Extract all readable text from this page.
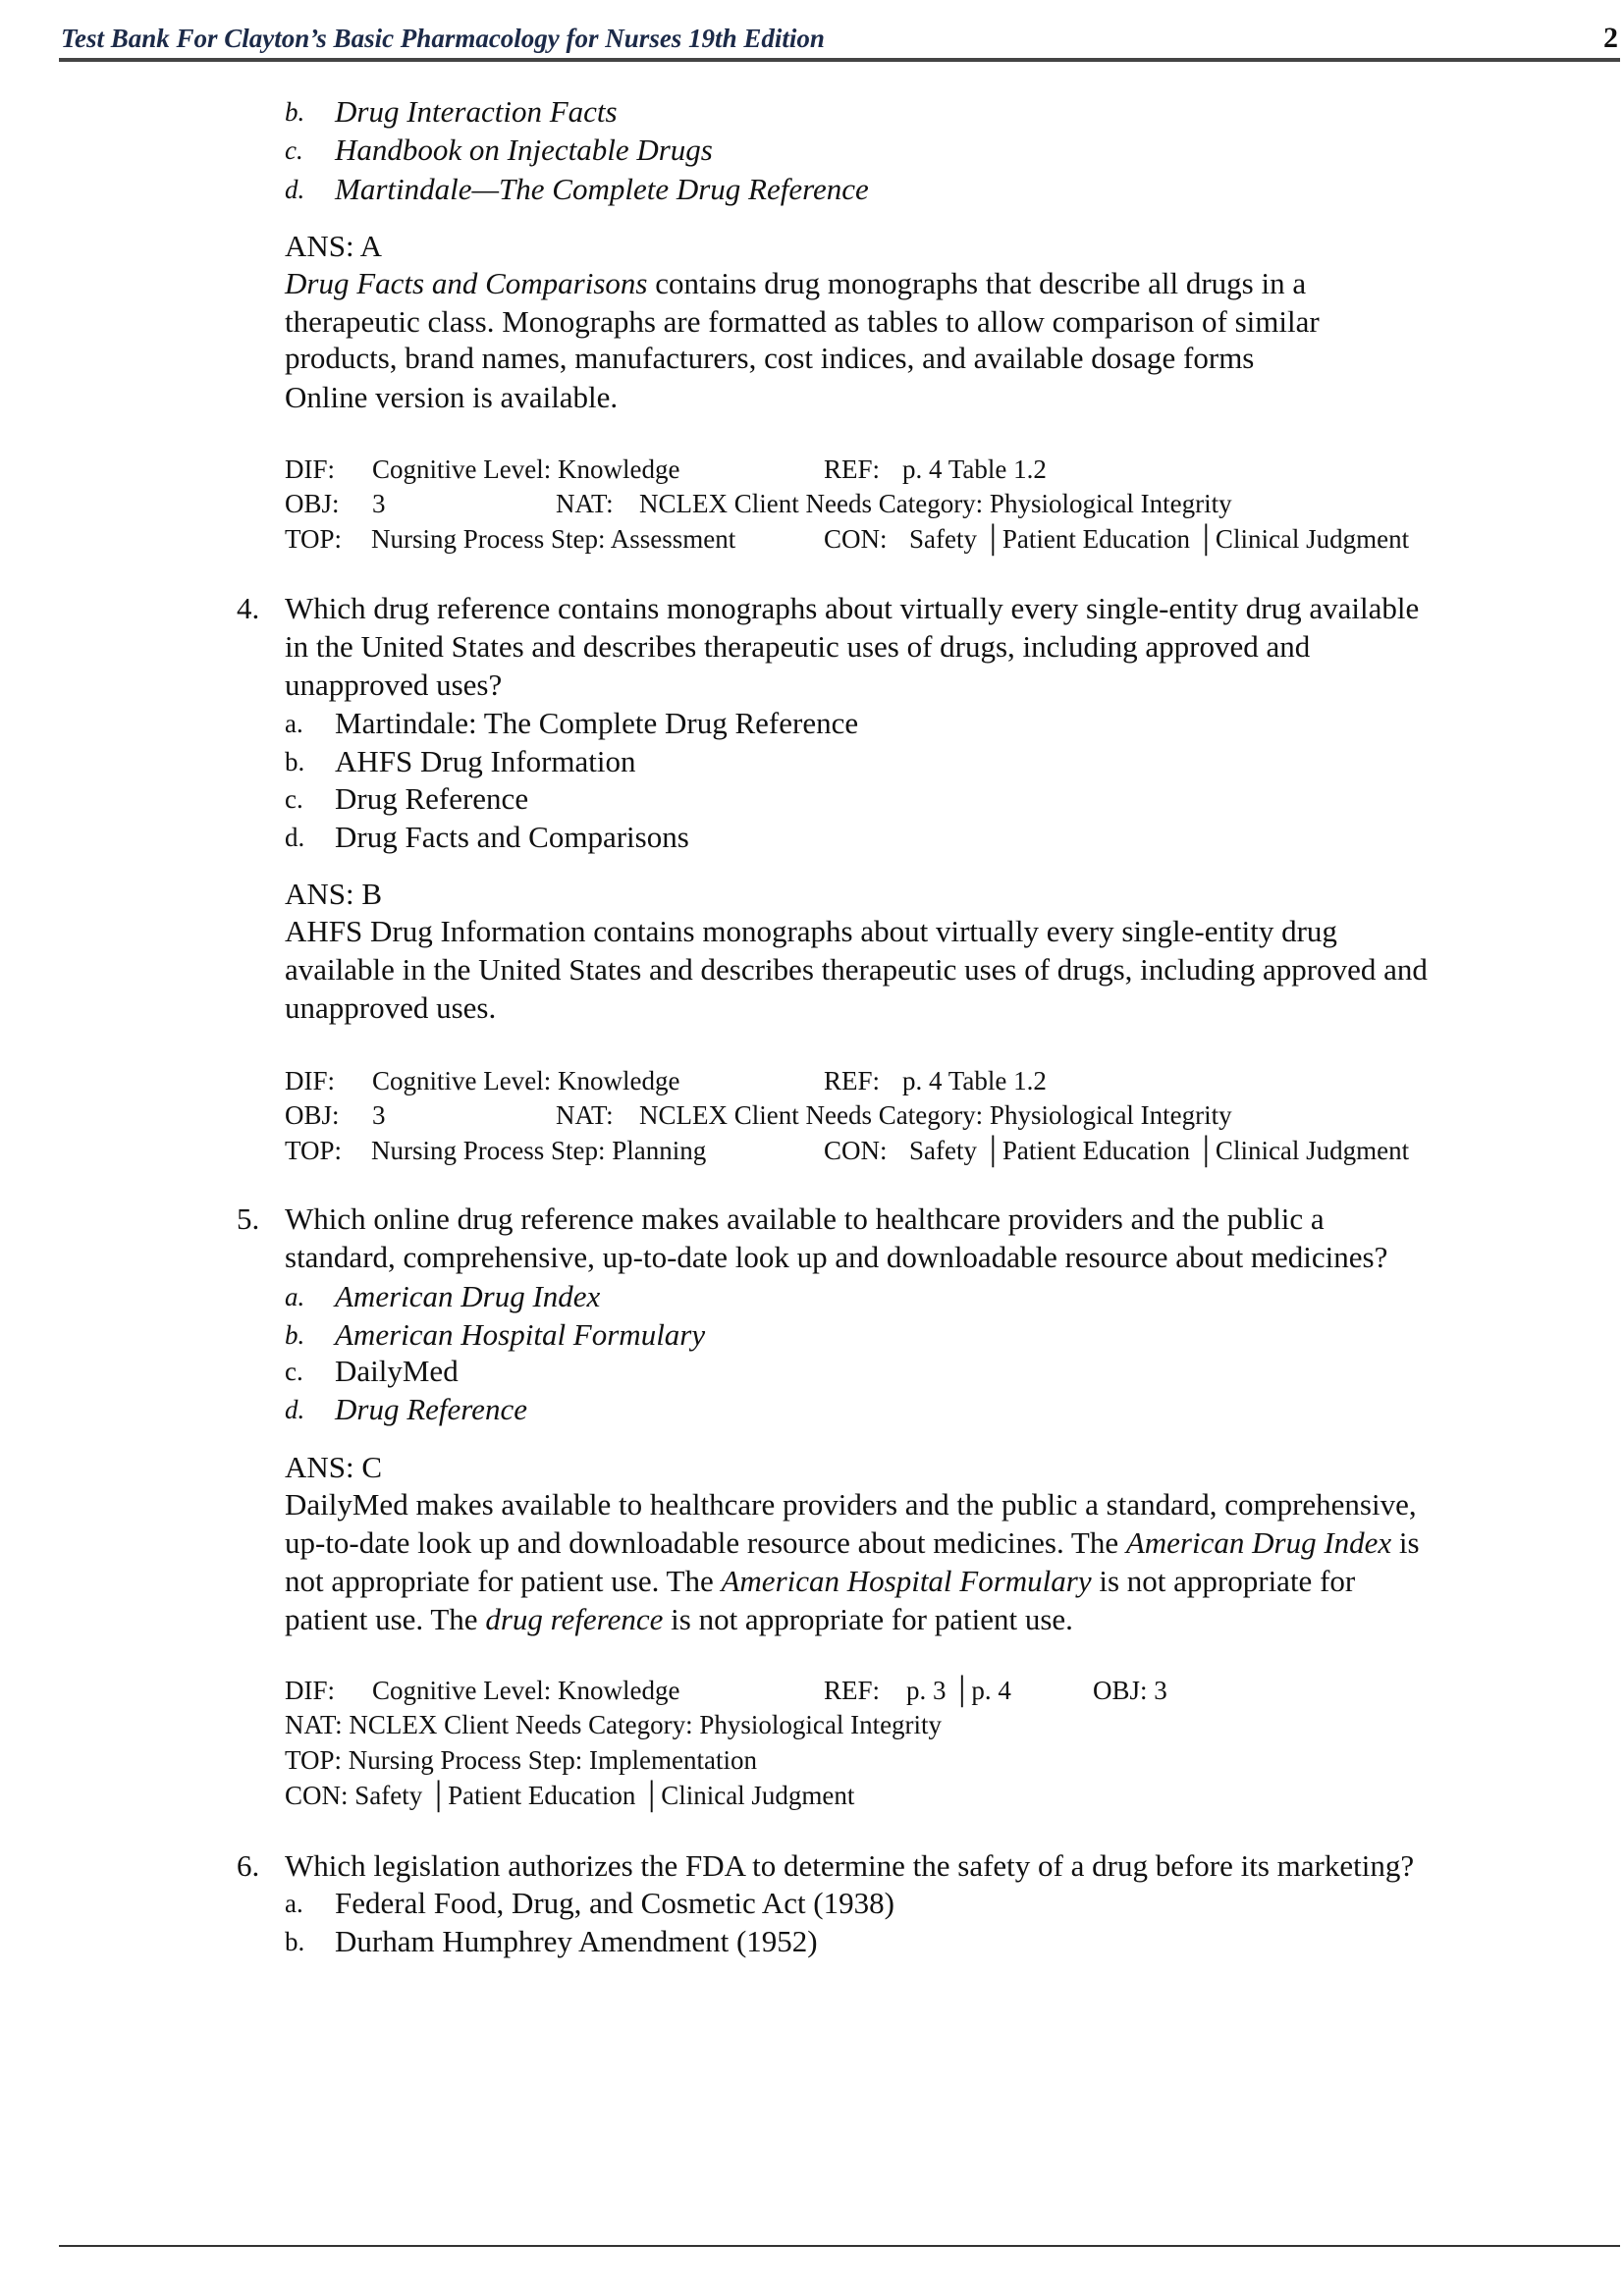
Test Bank For Clayton’s Basic Pharmacology for Nurses 19th Edition	2
b. Drug Interaction Facts
c. Handbook on Injectable Drugs
d. Martindale—The Complete Drug Reference
ANS: A
Drug Facts and Comparisons contains drug monographs that describe all drugs in a
therapeutic class. Monographs are formatted as tables to allow comparison of similar
products, brand names, manufacturers, cost indices, and available dosage forms
Online version is available.
DIF: Cognitive Level: Knowledge	REF: p. 4 Table 1.2
OBJ: 3	NAT: NCLEX Client Needs Category: Physiological Integrity
TOP: Nursing Process Step: Assessment	CON: Safety │Patient Education │Clinical Judgment
4. Which drug reference contains monographs about virtually every single-entity drug available
in the United States and describes therapeutic uses of drugs, including approved and
unapproved uses?
a. Martindale: The Complete Drug Reference
b. AHFS Drug Information
c. Drug Reference
d. Drug Facts and Comparisons
ANS: B
AHFS Drug Information contains monographs about virtually every single-entity drug
available in the United States and describes therapeutic uses of drugs, including approved and
unapproved uses.
DIF: Cognitive Level: Knowledge	REF: p. 4 Table 1.2
OBJ: 3	NAT: NCLEX Client Needs Category: Physiological Integrity
TOP: Nursing Process Step: Planning	CON: Safety │Patient Education │Clinical Judgment
5. Which online drug reference makes available to healthcare providers and the public a
standard, comprehensive, up-to-date look up and downloadable resource about medicines?
a. American Drug Index
b. American Hospital Formulary
c. DailyMed
d. Drug Reference
ANS: C
DailyMed makes available to healthcare providers and the public a standard, comprehensive,
up-to-date look up and downloadable resource about medicines. The American Drug Index is
not appropriate for patient use. The American Hospital Formulary is not appropriate for
patient use. The drug reference is not appropriate for patient use.
DIF: Cognitive Level: Knowledge	REF: p. 3 │p. 4	OBJ: 3
NAT: NCLEX Client Needs Category: Physiological Integrity
TOP: Nursing Process Step: Implementation
CON: Safety │Patient Education │Clinical Judgment
6. Which legislation authorizes the FDA to determine the safety of a drug before its marketing?
a. Federal Food, Drug, and Cosmetic Act (1938)
b. Durham Humphrey Amendment (1952)
